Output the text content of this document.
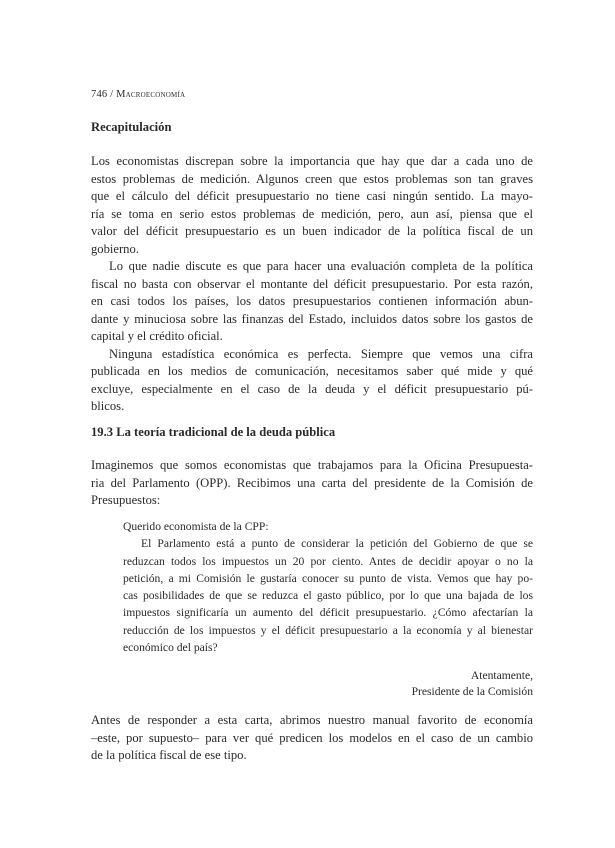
746 / Macroeconomía
Recapitulación
Los economistas discrepan sobre la importancia que hay que dar a cada uno de
estos problemas de medición. Algunos creen que estos problemas son tan graves
que el cálculo del déficit presupuestario no tiene casi ningún sentido. La mayo-
ría se toma en serio estos problemas de medición, pero, aun así, piensa que el
valor del déficit presupuestario es un buen indicador de la política fiscal de un
gobierno.
Lo que nadie discute es que para hacer una evaluación completa de la política
fiscal no basta con observar el montante del déficit presupuestario. Por esta razón,
en casi todos los países, los datos presupuestarios contienen información abun-
dante y minuciosa sobre las finanzas del Estado, incluidos datos sobre los gastos de
capital y el crédito oficial.
Ninguna estadística económica es perfecta. Siempre que vemos una cifra
publicada en los medios de comunicación, necesitamos saber qué mide y qué
excluye, especialmente en el caso de la deuda y el déficit presupuestario pú-
blicos.
19.3 La teoría tradicional de la deuda pública
Imaginemos que somos economistas que trabajamos para la Oficina Presupuesta-
ria del Parlamento (OPP). Recibimos una carta del presidente de la Comisión de
Presupuestos:
Querido economista de la CPP:
El Parlamento está a punto de considerar la petición del Gobierno de que se
reduzcan todos los impuestos un 20 por ciento. Antes de decidir apoyar o no la
petición, a mi Comisión le gustaría conocer su punto de vista. Vemos que hay po-
cas posibilidades de que se reduzca el gasto público, por lo que una bajada de los
impuestos significaría un aumento del déficit presupuestario. ¿Cómo afectarían la
reducción de los impuestos y el déficit presupuestario a la economía y al bienestar
económico del país?
Atentamente,
Presidente de la Comisión
Antes de responder a esta carta, abrimos nuestro manual favorito de economía
–este, por supuesto– para ver qué predicen los modelos en el caso de un cambio
de la política fiscal de ese tipo.
